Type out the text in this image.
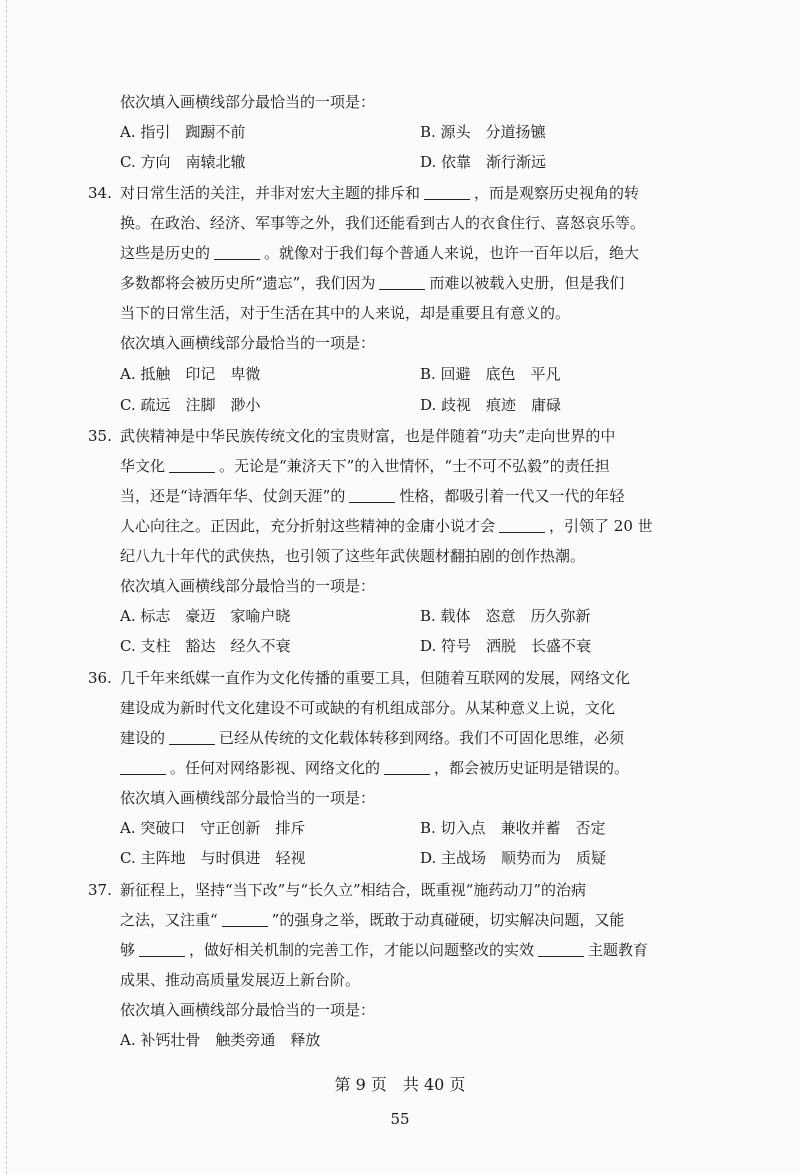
依次填入画横线部分最恰当的一项是：
A. 指引　踟蹰不前	B. 源头　分道扬镳
C. 方向　南辕北辙	D. 依靠　渐行渐远
34. 对日常生活的关注，并非对宏大主题的排斥和	，而是观察历史视角的转
换。在政治、经济、军事等之外，我们还能看到古人的衣食住行、喜怒哀乐等。
这些是历史的	。就像对于我们每个普通人来说，也许一百年以后，绝大
多数都将会被历史所“遗忘”，我们因为	而难以被载入史册，但是我们
当下的日常生活，对于生活在其中的人来说，却是重要且有意义的。
依次填入画横线部分最恰当的一项是：
A. 抵触　印记　卑微	B. 回避　底色　平凡
C. 疏远　注脚　渺小	D. 歧视　痕迹　庸碌
35. 武侠精神是中华民族传统文化的宝贵财富，也是伴随着“功夫”走向世界的中
华文化	。无论是“兼济天下”的入世情怀，“士不可不弘毅”的责任担
当，还是“诗酒年华、仗剑天涯”的	性格，都吸引着一代又一代的年轻
人心向往之。正因此，充分折射这些精神的金庸小说才会	，引领了 20 世
纪八九十年代的武侠热，也引领了这些年武侠题材翻拍剧的创作热潮。
依次填入画横线部分最恰当的一项是：
A. 标志　豪迈　家喻户晓	B. 载体　恣意　历久弥新
C. 支柱　豁达　经久不衰	D. 符号　洒脱　长盛不衰
36. 几千年来纸媒一直作为文化传播的重要工具，但随着互联网的发展，网络文化
建设成为新时代文化建设不可或缺的有机组成部分。从某种意义上说，文化
建设的	已经从传统的文化载体转移到网络。我们不可固化思维，必须
。任何对网络影视、网络文化的	，都会被历史证明是错误的。
依次填入画横线部分最恰当的一项是：
A. 突破口　守正创新　排斥	B. 切入点　兼收并蓄　否定
C. 主阵地　与时俱进　轻视	D. 主战场　顺势而为　质疑
37. 新征程上，坚持“当下改”与“长久立”相结合，既重视“施药动刀”的治病
之法，又注重“	”的强身之举，既敢于动真碰硬，切实解决问题，又能
够	，做好相关机制的完善工作，才能以问题整改的实效	主题教育
成果、推动高质量发展迈上新台阶。
依次填入画横线部分最恰当的一项是：
A. 补钙壮骨　触类旁通　释放
第 9 页　共 40 页
55
